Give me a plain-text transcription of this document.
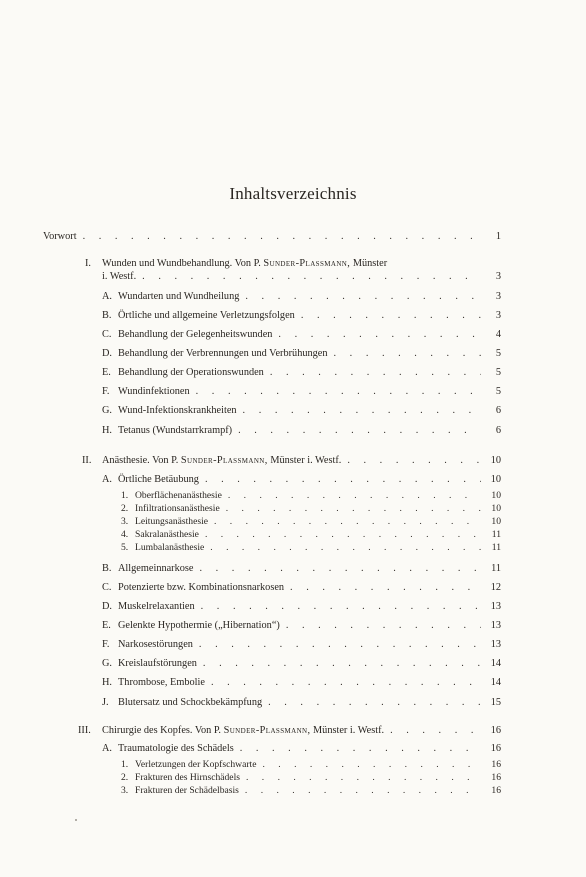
Inhaltsverzeichnis
Vorwort . . .	1
I. Wunden und Wundbehandlung. Von P. Sunder-Plassmann, Münster
i. Westf. . . .	3
A. Wundarten und Wundheilung . . .	3
B. Örtliche und allgemeine Verletzungsfolgen . . .	3
C. Behandlung der Gelegenheitswunden . . .	4
D. Behandlung der Verbrennungen und Verbrühungen . . .	5
E. Behandlung der Operationswunden . . .	5
F. Wundinfektionen . . .	5
G. Wund-Infektionskrankheiten . . .	6
H. Tetanus (Wundstarrkrampf) . . .	6
II.	Anästhesie. Von P. Sunder-Plassmann, Münster i. Westf. . . .	10
A. Örtliche Betäubung . . .	10
1. Oberflächenanästhesie . . .	10
2. Infiltrationsanästhesie . . .	10
3. Leitungsanästhesie . . .	10
4. Sakralanästhesie . . .	11
5. Lumbalanästhesie . . .	11
B. Allgemeinnarkose . . .	11
C. Potenzierte bzw. Kombinationsnarkosen . . .	12
D. Muskelrelaxantien . . .	13
E. Gelenkte Hypothermie („Hibernation“) . . .	13
F. Narkosestörungen . . .	13
G. Kreislaufstörungen . . .	14
H. Thrombose, Embolie . . .	14
J. Blutersatz und Schockbekämpfung . . .	15
III.	Chirurgie des Kopfes. Von P. Sunder-Plassmann, Münster i. Westf. . . .	16
A. Traumatologie des Schädels . . .	16
1. Verletzungen der Kopfschwarte . . .	16
2. Frakturen des Hirnschädels . . .	16
3. Frakturen der Schädelbasis . . .	16
